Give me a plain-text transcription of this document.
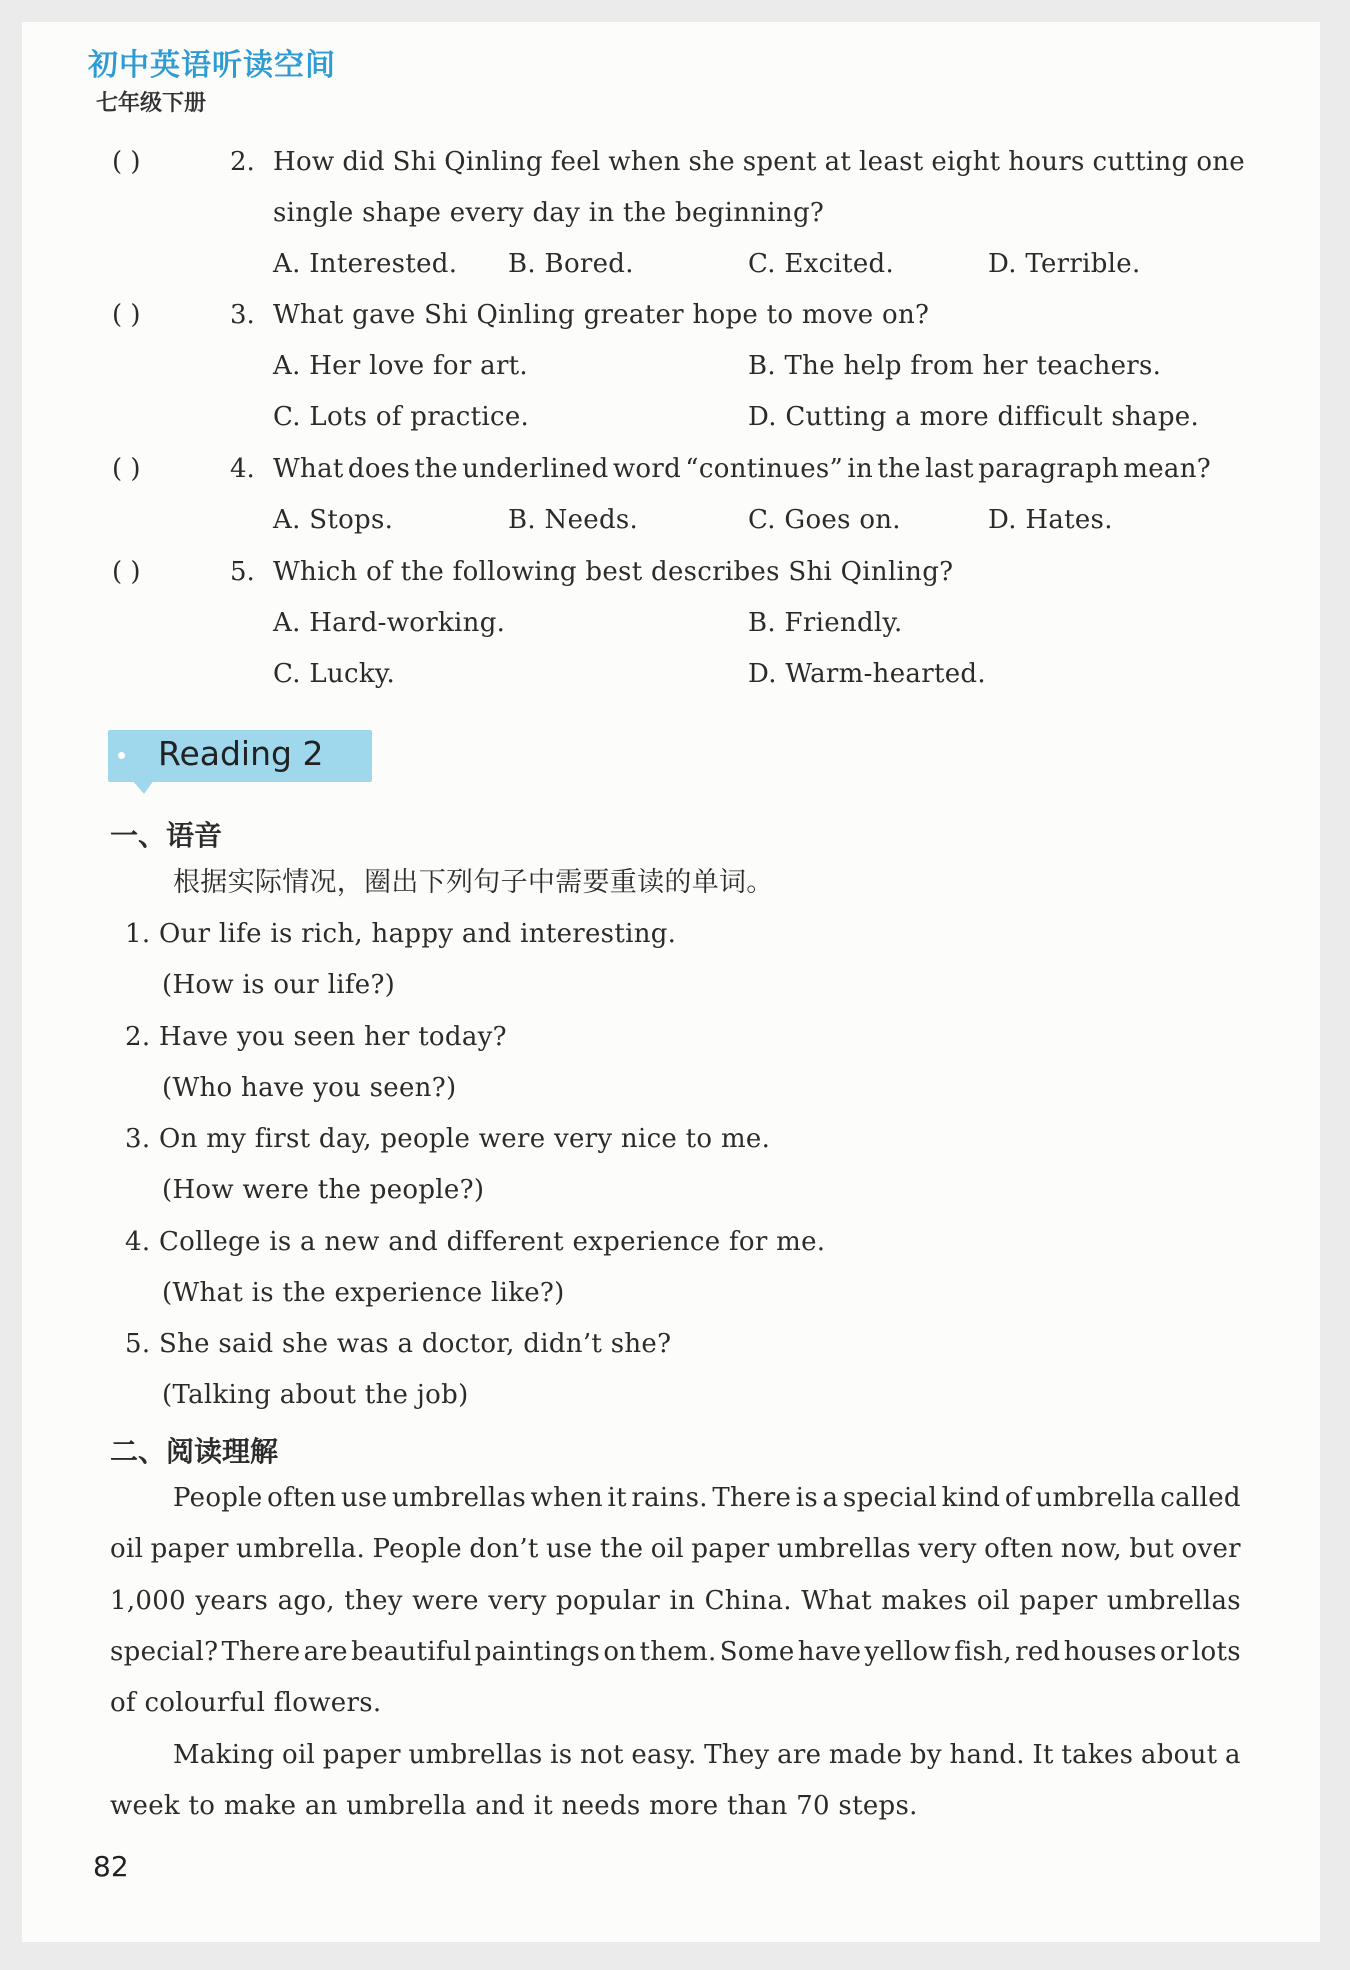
初中英语听读空间
七年级下册
( )	2. How did Shi Qinling feel when she spent at least eight hours cutting one
single shape every day in the beginning?
A. Interested. B. Bored.	C. Excited.	D. Terrible.
( )	3. What gave Shi Qinling greater hope to move on?
A. Her love for art.	B. The help from her teachers.
C. Lots of practice.	D. Cutting a more difficult shape.
( )	4. What does the underlined word “continues” in the last paragraph mean?
A. Stops.	B. Needs.	C. Goes on.	D. Hates.
( )	5. Which of the following best describes Shi Qinling?
A. Hard-working.	B. Friendly.
C. Lucky.	D. Warm-hearted.
Reading 2
一、语音
根据实际情况，圈出下列句子中需要重读的单词。
1. Our life is rich, happy and interesting.
(How is our life?)
2. Have you seen her today?
(Who have you seen?)
3. On my first day, people were very nice to me.
(How were the people?)
4. College is a new and different experience for me.
(What is the experience like?)
5. She said she was a doctor, didn’t she?
(Talking about the job)
二、阅读理解
People often use umbrellas when it rains. There is a special kind of umbrella called
oil paper umbrella. People don’t use the oil paper umbrellas very often now, but over
1,000 years ago, they were very popular in China. What makes oil paper umbrellas
special? There are beautiful paintings on them. Some have yellow fish, red houses or lots
of colourful flowers.
Making oil paper umbrellas is not easy. They are made by hand. It takes about a
week to make an umbrella and it needs more than 70 steps.
82
